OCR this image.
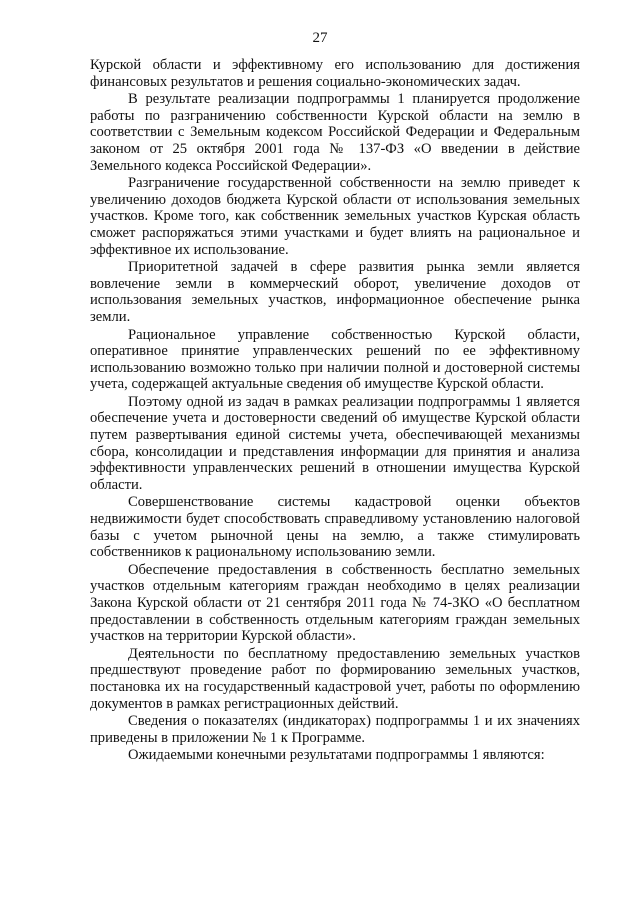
27

Курской области и эффективному его использованию для достижения финансовых результатов и решения социально-экономических задач.

В результате реализации подпрограммы 1 планируется продолжение работы по разграничению собственности Курской области на землю в соответствии с Земельным кодексом Российской Федерации и Федеральным законом от 25 октября 2001 года № 137-ФЗ «О введении в действие Земельного кодекса Российской Федерации».

Разграничение государственной собственности на землю приведет к увеличению доходов бюджета Курской области от использования земельных участков. Кроме того, как собственник земельных участков Курская область сможет распоряжаться этими участками и будет влиять на рациональное и эффективное их использование.

Приоритетной задачей в сфере развития рынка земли является вовлечение земли в коммерческий оборот, увеличение доходов от использования земельных участков, информационное обеспечение рынка земли.

Рациональное управление собственностью Курской области, оперативное принятие управленческих решений по ее эффективному использованию возможно только при наличии полной и достоверной системы учета, содержащей актуальные сведения об имуществе Курской области.

Поэтому одной из задач в рамках реализации подпрограммы 1 является обеспечение учета и достоверности сведений об имуществе Курской области путем развертывания единой системы учета, обеспечивающей механизмы сбора, консолидации и представления информации для принятия и анализа эффективности управленческих решений в отношении имущества Курской области.

Совершенствование системы кадастровой оценки объектов недвижимости будет способствовать справедливому установлению налоговой базы с учетом рыночной цены на землю, а также стимулировать собственников к рациональному использованию земли.

Обеспечение предоставления в собственность бесплатно земельных участков отдельным категориям граждан необходимо в целях реализации Закона Курской области от 21 сентября 2011 года № 74-ЗКО «О бесплатном предоставлении в собственность отдельным категориям граждан земельных участков на территории Курской области».

Деятельности по бесплатному предоставлению земельных участков предшествуют проведение работ по формированию земельных участков, постановка их на государственный кадастровой учет, работы по оформлению документов в рамках регистрационных действий.

Сведения о показателях (индикаторах) подпрограммы 1 и их значениях приведены в приложении № 1 к Программе.

Ожидаемыми конечными результатами подпрограммы 1 являются:
